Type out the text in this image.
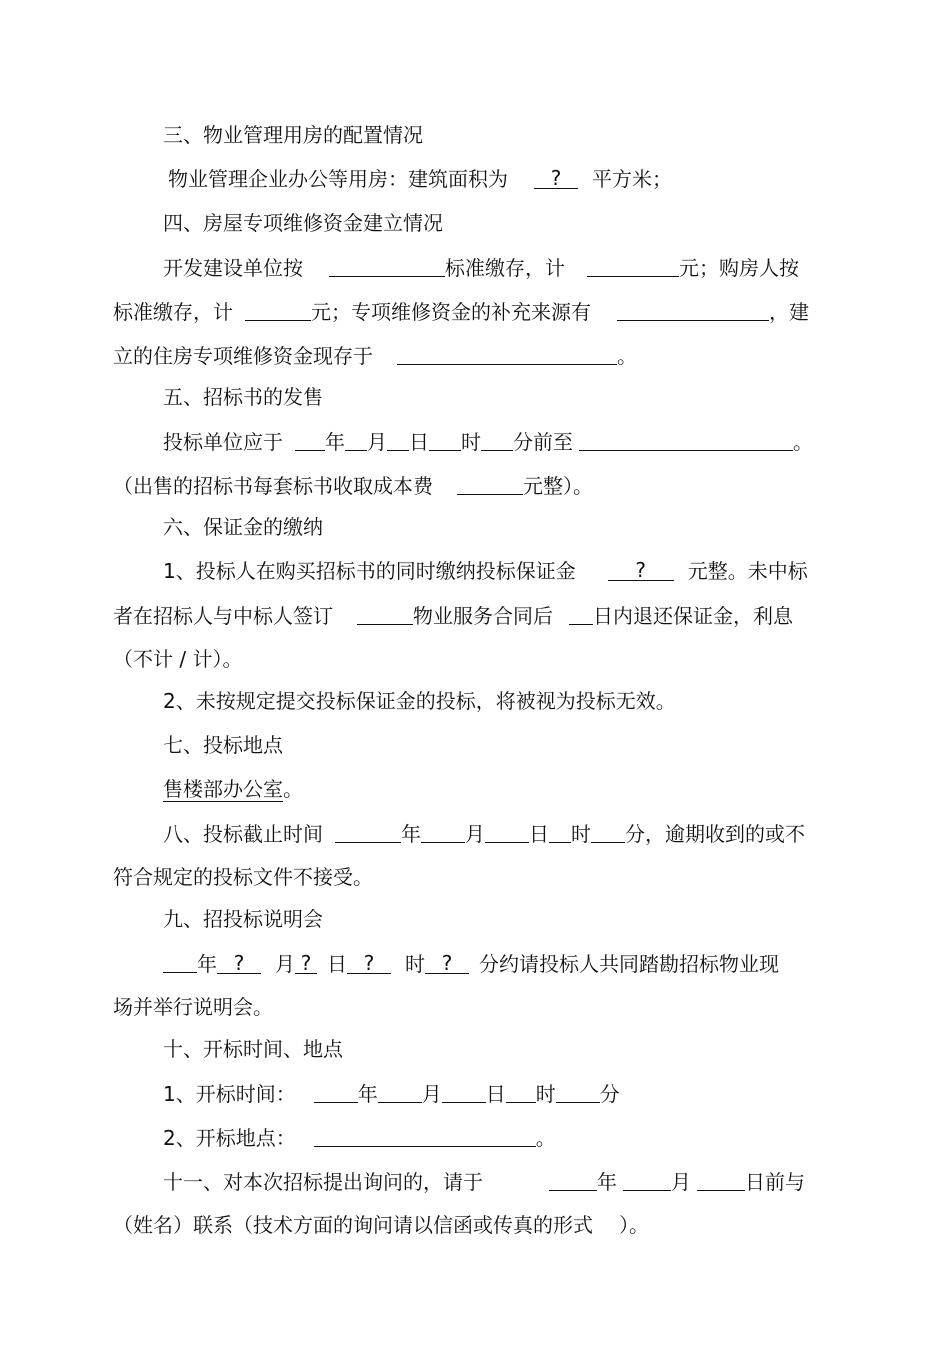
三、物业管理用房的配置情况
物业管理企业办公等用房：建筑面积为 ? 平方米；
四、房屋专项维修资金建立情况
开发建设单位按	标准缴存，计	元；购房人按
标准缴存，计	元；专项维修资金的补充来源有	，建
立的住房专项维修资金现存于	。
五、招标书的发售
投标单位应于 年 月 日 时 分前至	。
（出售的招标书每套标书收取成本费	元整）。
六、保证金的缴纳
1、投标人在购买招标书的同时缴纳投标保证金	? 元整。未中标
者在招标人与中标人签订	物业服务合同后 日内退还保证金，利息
（不计 / 计）。
2、未按规定提交投标保证金的投标，将被视为投标无效。
七、投标地点
售楼部办公室。
八、投标截止时间	年 月 日 时 分，逾期收到的或不
符合规定的投标文件不接受。
九、招投标说明会
年 ? 月 ? 日 ? 时 ? 分约请投标人共同踏勘招标物业现
场并举行说明会。
十、开标时间、地点
1、开标时间：	年 月 日 时 分
2、开标地点：	。
十一、对本次招标提出询问的，请于	年	月	日前与
（姓名）联系（技术方面的询问请以信函或传真的形式 ）。
